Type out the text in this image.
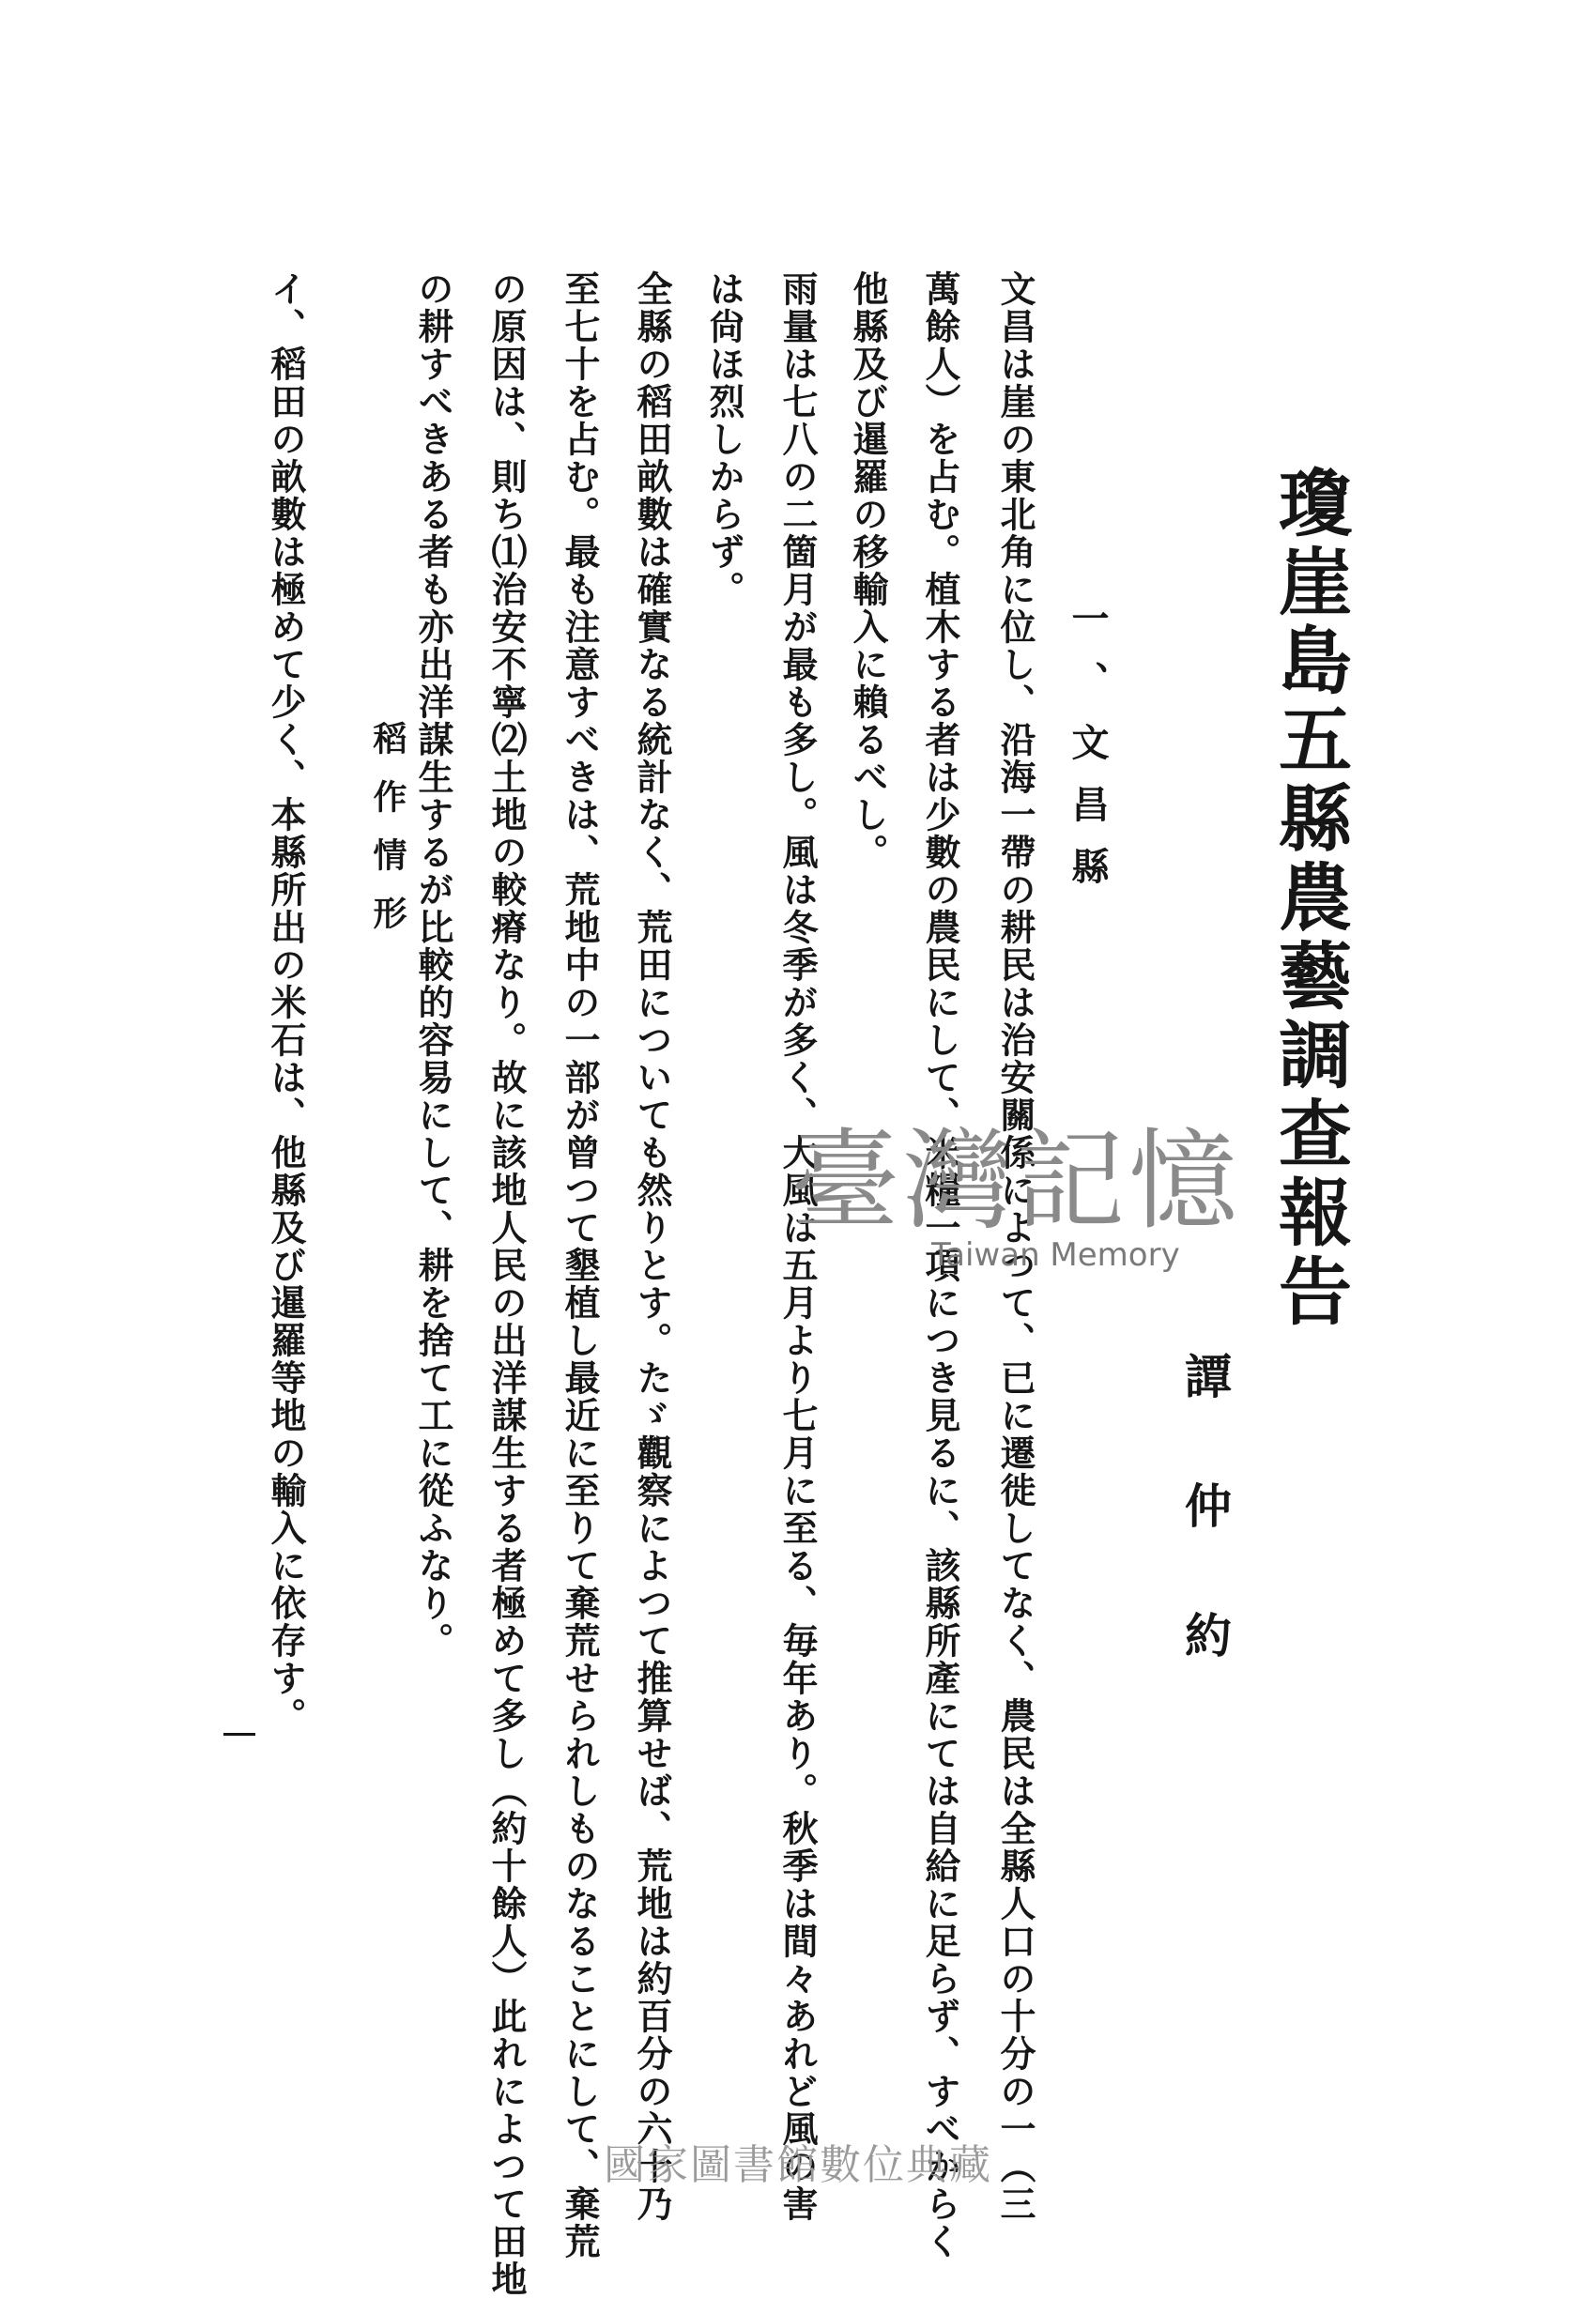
瓊崖島五縣農藝調查報告
譚仲約
一、文昌縣
文昌は崖の東北角に位し、沿海一帶の耕民は治安關係によつて、已に遷徙してなく、農民は全縣人口の十分の一（三
萬餘人）を占む。植木する者は少數の農民にして、米糧一項につき見るに、該縣所產にては自給に足らず、すべからく
他縣及び暹羅の移輸入に賴るべし。
雨量は七八の二箇月が最も多し。風は冬季が多く、大風は五月より七月に至る、毎年あり。秋季は間々あれど風の害
は尙ほ烈しからず。
全縣の稻田畝數は確實なる統計なく、荒田についても然りとす。たゞ觀察によつて推算せば、荒地は約百分の六十乃
至七十を占む。最も注意すべきは、荒地中の一部が曾つて墾植し最近に至りて棄荒せられしものなることにして、棄荒
の原因は、則ち⑴治安不寧⑵土地の較瘠なり。故に該地人民の出洋謀生する者極めて多し（約十餘人）此れによつて田地
の耕すべきある者も亦出洋謀生するが比較的容易にして、耕を捨て工に從ふなり。
稻作情形
イ、稻田の畝數は極めて少く、本縣所出の米石は、他縣及び暹羅等地の輸入に依存す。	臺灣記憶
Taiwan Memory
國家圖書館數位典藏
